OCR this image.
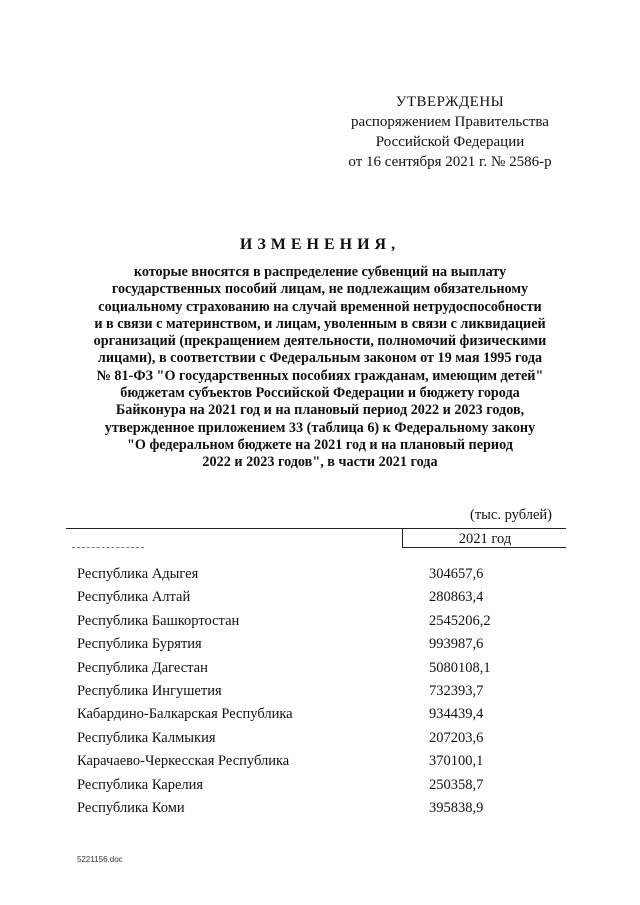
УТВЕРЖДЕНЫ
распоряжением Правительства
Российской Федерации
от 16 сентября 2021 г. № 2586-р
ИЗМЕНЕНИЯ,
которые вносятся в распределение субвенций на выплату
государственных пособий лицам, не подлежащим обязательному
социальному страхованию на случай временной нетрудоспособности
и в связи с материнством, и лицам, уволенным в связи с ликвидацией
организаций (прекращением деятельности, полномочий физическими
лицами), в соответствии с Федеральным законом от 19 мая 1995 года
№ 81-ФЗ "О государственных пособиях гражданам, имеющим детей"
бюджетам субъектов Российской Федерации и бюджету города
Байконура на 2021 год и на плановый период 2022 и 2023 годов,
утвержденное приложением 33 (таблица 6) к Федеральному закону
"О федеральном бюджете на 2021 год и на плановый период
2022 и 2023 годов", в части 2021 года
(тыс. рублей)
2021 год
Республика Адыгея	304657,6
Республика Алтай	280863,4
Республика Башкортостан	2545206,2
Республика Бурятия	993987,6
Республика Дагестан	5080108,1
Республика Ингушетия	732393,7
Кабардино-Балкарская Республика	934439,4
Республика Калмыкия	207203,6
Карачаево-Черкесская Республика	370100,1
Республика Карелия	250358,7
Республика Коми	395838,9
5221156.doc
